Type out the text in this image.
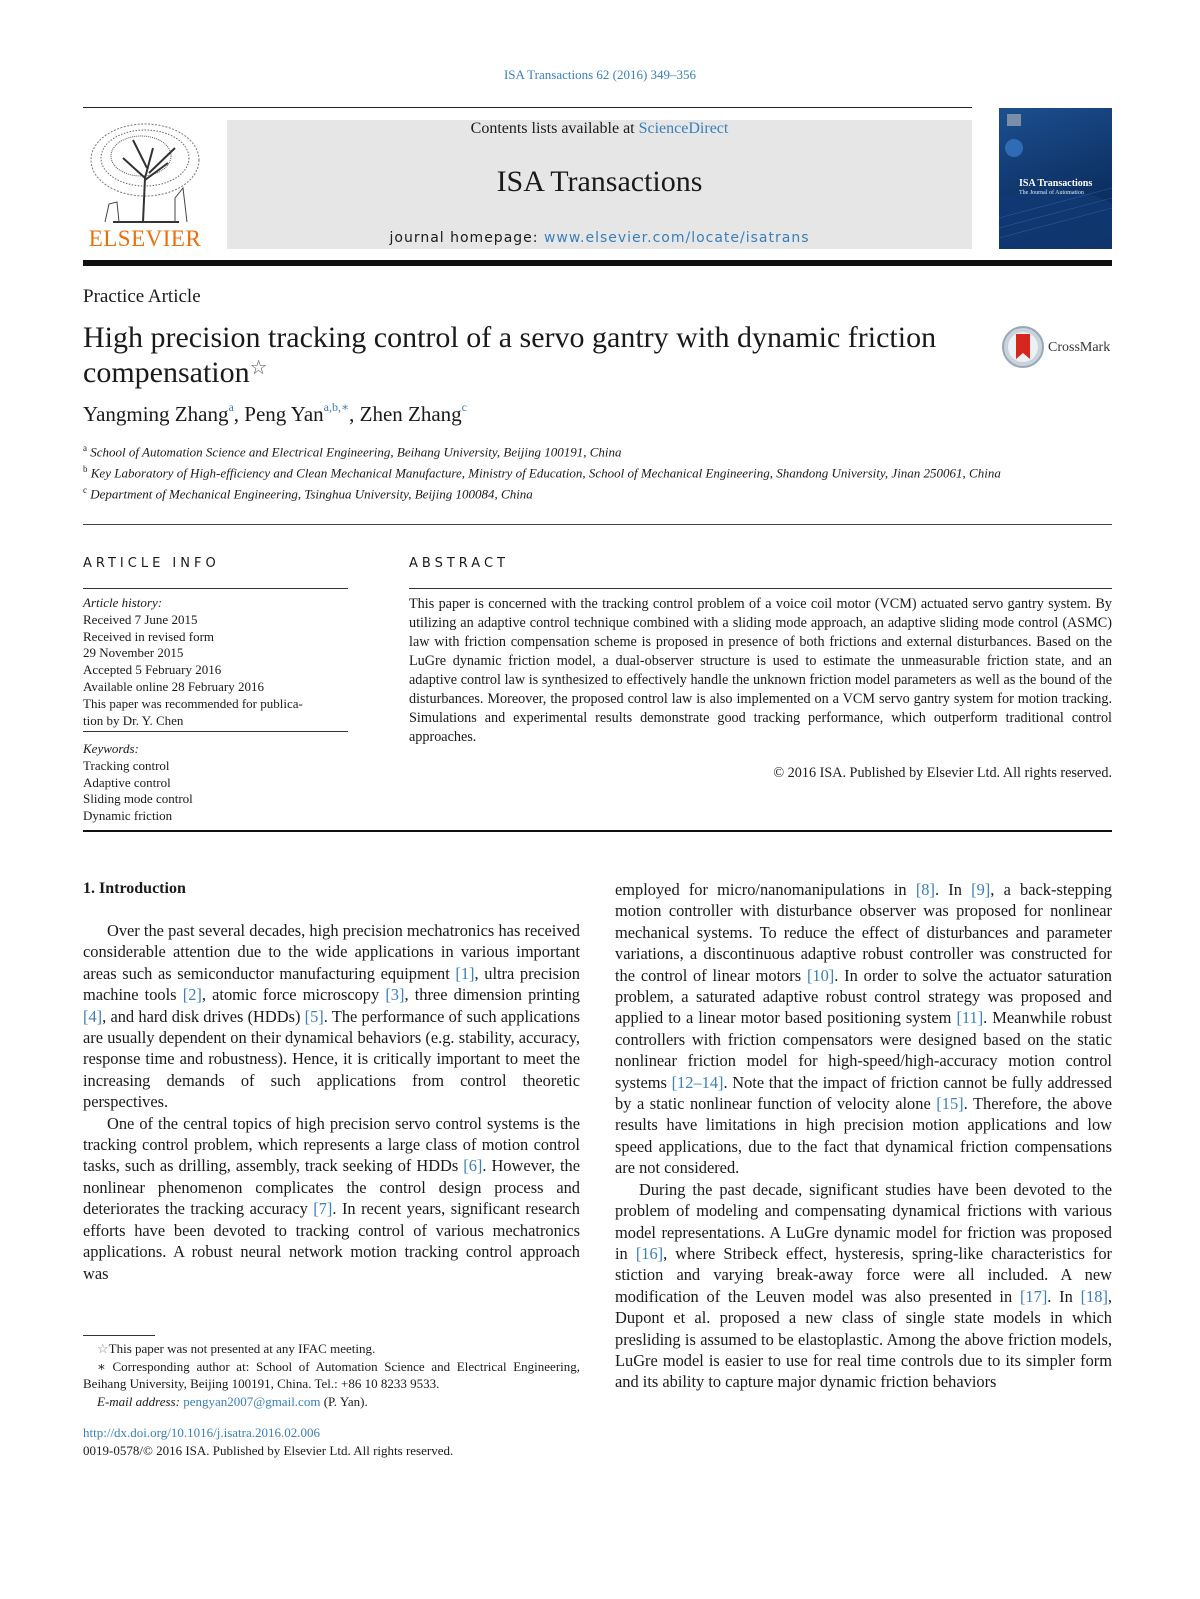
ISA Transactions 62 (2016) 349–356
ELSEVIER
Contents lists available at ScienceDirect
ISA Transactions
journal homepage: www.elsevier.com/locate/isatrans
ISA Transactions
The Journal of Automation
Practice Article
High precision tracking control of a servo gantry with dynamic friction compensation☆
CrossMark
Yangming Zhang$^a$, Peng Yan$^{a,b,∗}$, Zhen Zhang$^c$

$^a$ School of Automation Science and Electrical Engineering, Beihang University, Beijing 100191, China

$^b$ Key Laboratory of High-efficiency and Clean Mechanical Manufacture, Ministry of Education, School of Mechanical Engineering, Shandong University, Jinan 250061, China

$^c$ Department of Mechanical Engineering, Tsinghua University, Beijing 100084, China

ARTICLE INFO	ABSTRACT

Article history:

Received 7 June 2015

Received in revised form

29 November 2015

Accepted 5 February 2016

Available online 28 February 2016

This paper was recommended for publica-

tion by Dr. Y. Chen

Keywords:

Tracking control

Adaptive control

Sliding mode control

Dynamic friction

This paper is concerned with the tracking control problem of a voice coil motor (VCM) actuated servo gantry system. By utilizing an adaptive control technique combined with a sliding mode approach, an adaptive sliding mode control (ASMC) law with friction compensation scheme is proposed in presence of both frictions and external disturbances. Based on the LuGre dynamic friction model, a dual-observer structure is used to estimate the unmeasurable friction state, and an adaptive control law is synthesized to effectively handle the unknown friction model parameters as well as the bound of the disturbances. Moreover, the proposed control law is also implemented on a VCM servo gantry system for motion tracking. Simulations and experimental results demonstrate good tracking performance, which outperform traditional control approaches.
© 2016 ISA. Published by Elsevier Ltd. All rights reserved.
1. Introduction

Over the past several decades, high precision mechatronics has received considerable attention due to the wide applications in various important areas such as semiconductor manufacturing equipment [1], ultra precision machine tools [2], atomic force microscopy [3], three dimension printing [4], and hard disk drives (HDDs) [5]. The performance of such applications are usually dependent on their dynamical behaviors (e.g. stability, accuracy, response time and robustness). Hence, it is critically important to meet the increasing demands of such applications from control theoretic perspectives.

One of the central topics of high precision servo control systems is the tracking control problem, which represents a large class of motion control tasks, such as drilling, assembly, track seeking of HDDs [6]. However, the nonlinear phenomenon complicates the control design process and deteriorates the tracking accuracy [7]. In recent years, significant research efforts have been devoted to tracking control of various mechatronics applications. A robust neural network motion tracking control approach was

employed for micro/nanomanipulations in [8]. In [9], a back-stepping motion controller with disturbance observer was proposed for nonlinear mechanical systems. To reduce the effect of disturbances and parameter variations, a discontinuous adaptive robust controller was constructed for the control of linear motors [10]. In order to solve the actuator saturation problem, a saturated adaptive robust control strategy was proposed and applied to a linear motor based positioning system [11]. Meanwhile robust controllers with friction compensators were designed based on the static nonlinear friction model for high-speed/high-accuracy motion control systems [12–14]. Note that the impact of friction cannot be fully addressed by a static nonlinear function of velocity alone [15]. Therefore, the above results have limitations in high precision motion applications and low speed applications, due to the fact that dynamical friction compensations are not considered.

During the past decade, significant studies have been devoted to the problem of modeling and compensating dynamical frictions with various model representations. A LuGre dynamic model for friction was proposed in [16], where Stribeck effect, hysteresis, spring-like characteristics for stiction and varying break-away force were all included. A new modification of the Leuven model was also presented in [17]. In [18], Dupont et al. proposed a new class of single state models in which presliding is assumed to be elastoplastic. Among the above friction models, LuGre model is easier to use for real time controls due to its simpler form and its ability to capture major dynamic friction behaviors

☆This paper was not presented at any IFAC meeting.

∗ Corresponding author at: School of Automation Science and Electrical Engineering, Beihang University, Beijing 100191, China. Tel.: +86 10 8233 9533.

E-mail address: pengyan2007@gmail.com (P. Yan).

http://dx.doi.org/10.1016/j.isatra.2016.02.006
0019-0578/© 2016 ISA. Published by Elsevier Ltd. All rights reserved.
